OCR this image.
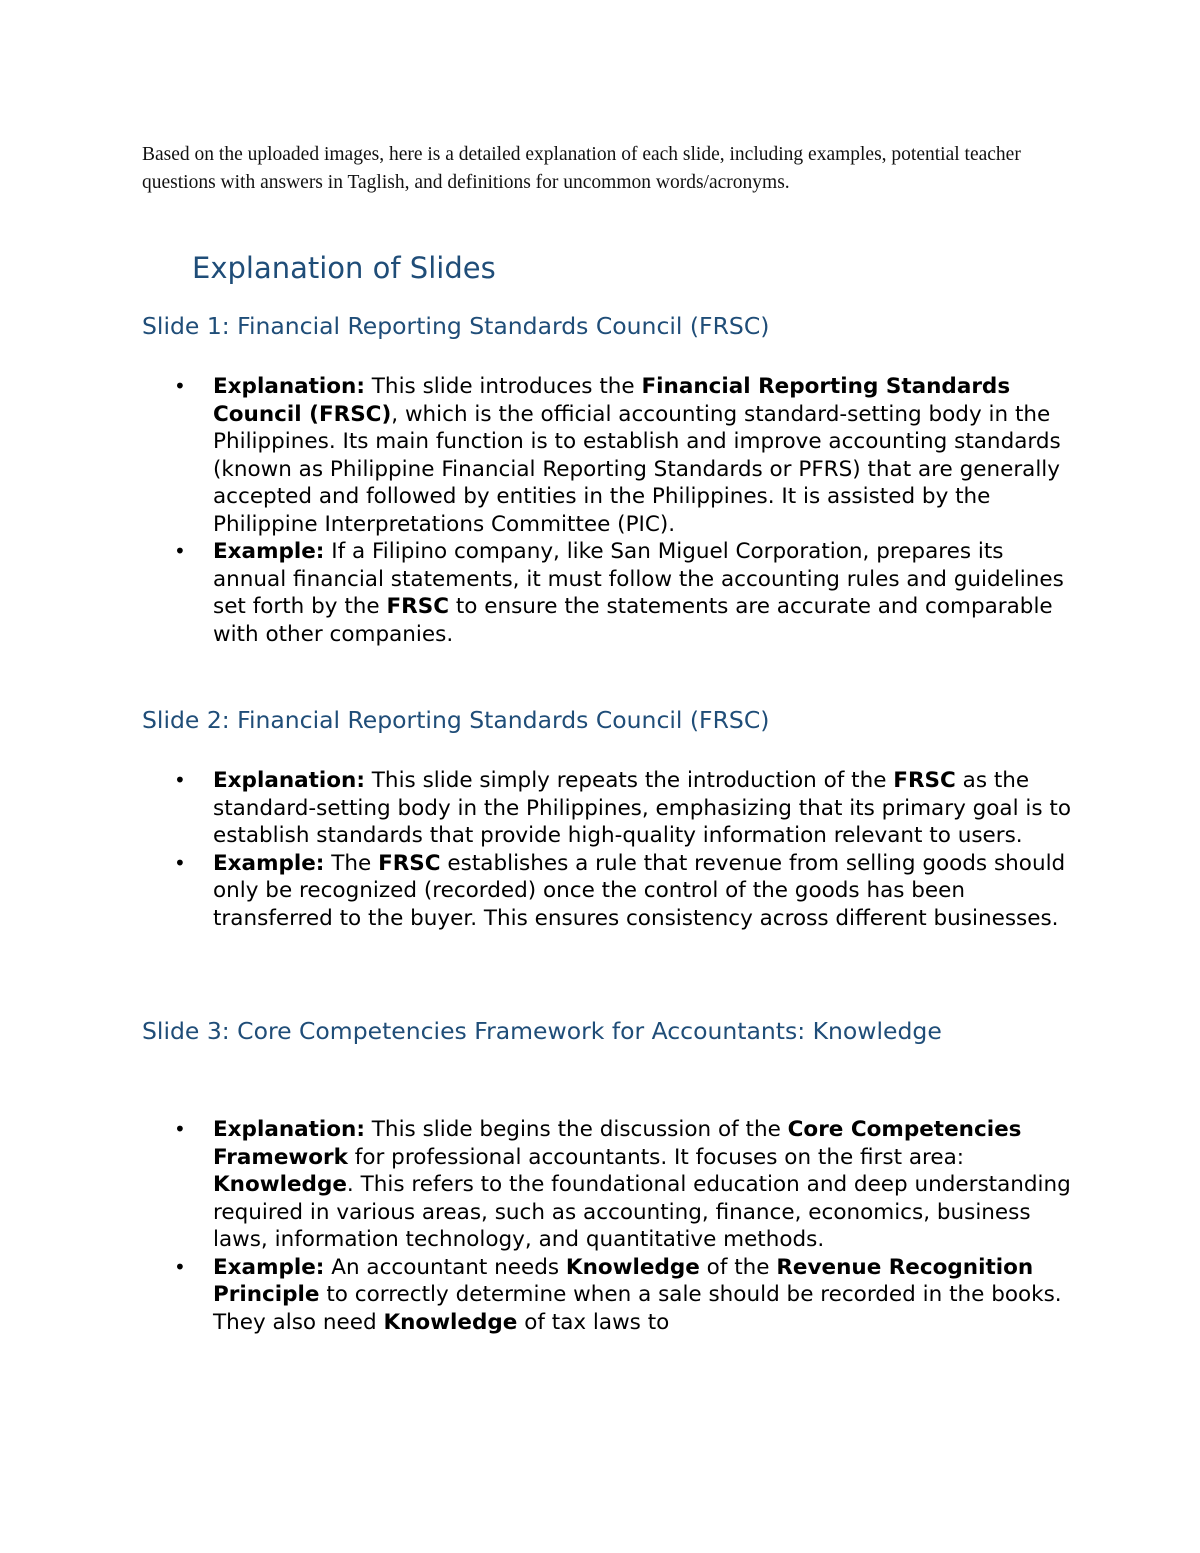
Based on the uploaded images, here is a detailed explanation of each slide, including examples, potential teacher questions with answers in Taglish, and definitions for uncommon words/acronyms.

Explanation of Slides
Slide 1: Financial Reporting Standards Council (FRSC)
• Explanation: This slide introduces the Financial Reporting Standards Council (FRSC), which is the official accounting standard-setting body in the Philippines. Its main function is to establish and improve accounting standards (known as Philippine Financial Reporting Standards or PFRS) that are generally accepted and followed by entities in the Philippines. It is assisted by the Philippine Interpretations Committee (PIC).

• Example: If a Filipino company, like San Miguel Corporation, prepares its annual financial statements, it must follow the accounting rules and guidelines set forth by the FRSC to ensure the statements are accurate and comparable with other companies.

Slide 2: Financial Reporting Standards Council (FRSC)
• Explanation: This slide simply repeats the introduction of the FRSC as the standard-setting body in the Philippines, emphasizing that its primary goal is to establish standards that provide high-quality information relevant to users.

• Example: The FRSC establishes a rule that revenue from selling goods should only be recognized (recorded) once the control of the goods has been transferred to the buyer. This ensures consistency across different businesses.

Slide 3: Core Competencies Framework for Accountants: Knowledge
• Explanation: This slide begins the discussion of the Core Competencies Framework for professional accountants. It focuses on the first area: Knowledge. This refers to the foundational education and deep understanding required in various areas, such as accounting, finance, economics, business laws, information technology, and quantitative methods.

• Example: An accountant needs Knowledge of the Revenue Recognition Principle to correctly determine when a sale should be recorded in the books. They also need Knowledge of tax laws to
